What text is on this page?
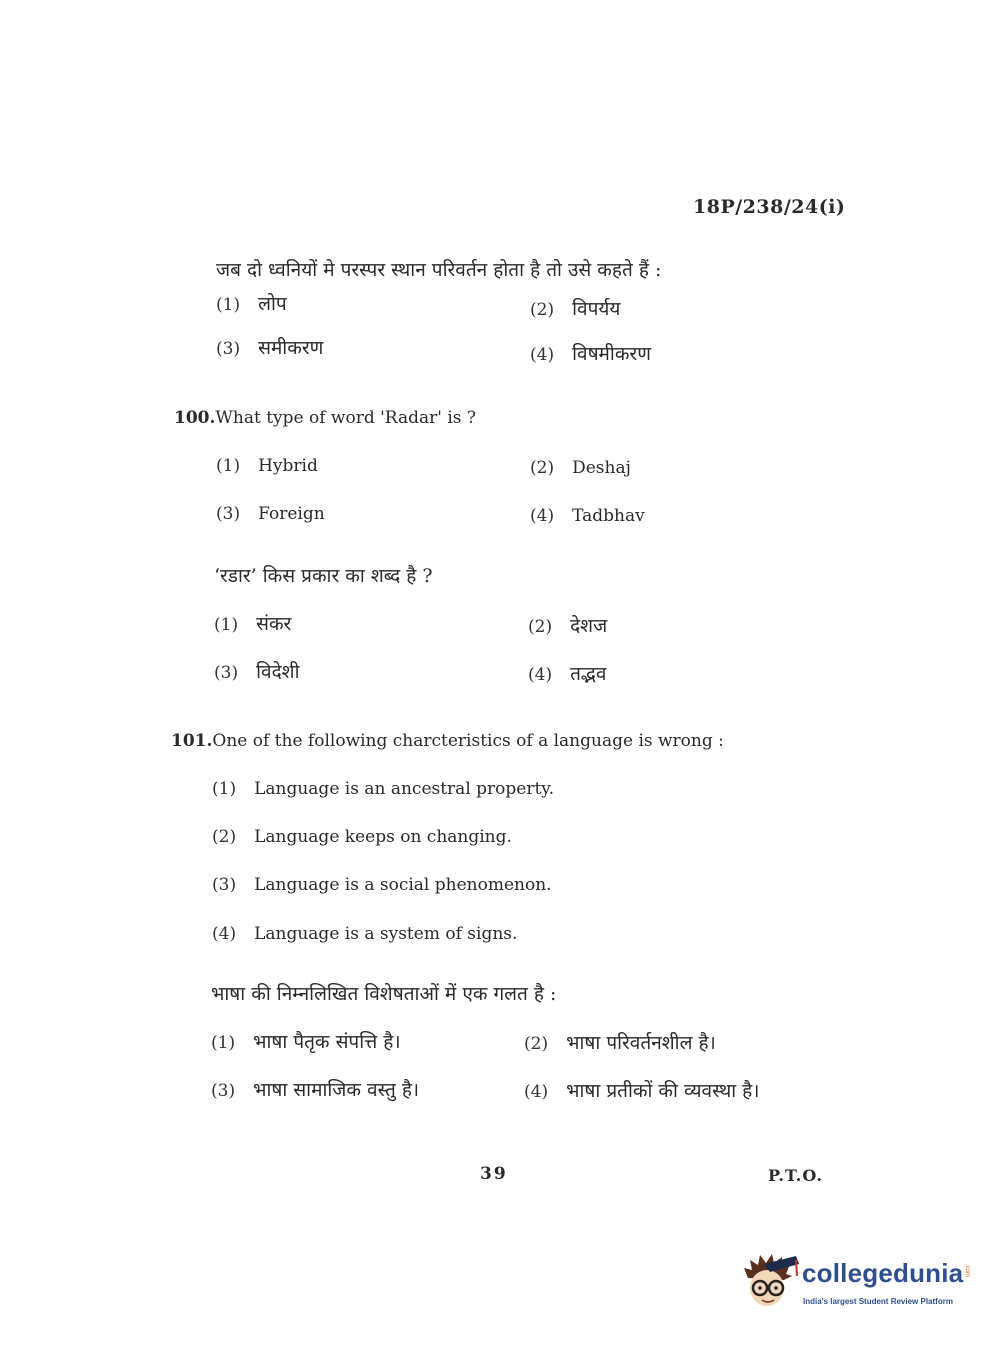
18P/238/24(i)
जब दो ध्वनियों मे परस्पर स्थान परिवर्तन होता है तो उसे कहते हैं :
(1) लोप	(2) विपर्यय
(3) समीकरण	(4) विषमीकरण
100.What type of word 'Radar' is ?
(1) Hybrid	(2) Deshaj
(3) Foreign	(4) Tadbhav
‘रडार’ किस प्रकार का शब्द है ?
(1) संकर	(2) देशज
(3) विदेशी	(4) तद्भव
101.One of the following charcteristics of a language is wrong :
(1) Language is an ancestral property.
(2) Language keeps on changing.
(3) Language is a social phenomenon.
(4) Language is a system of signs.
भाषा की निम्नलिखित विशेषताओं में एक गलत है :
(1) भाषा पैतृक संपत्ति है।	(2) भाषा परिवर्तनशील है।
(3) भाषा सामाजिक वस्तु है।	(4) भाषा प्रतीकों की व्यवस्था है।
39	P.T.O.
collegedunia .com
India's largest Student Review Platform
